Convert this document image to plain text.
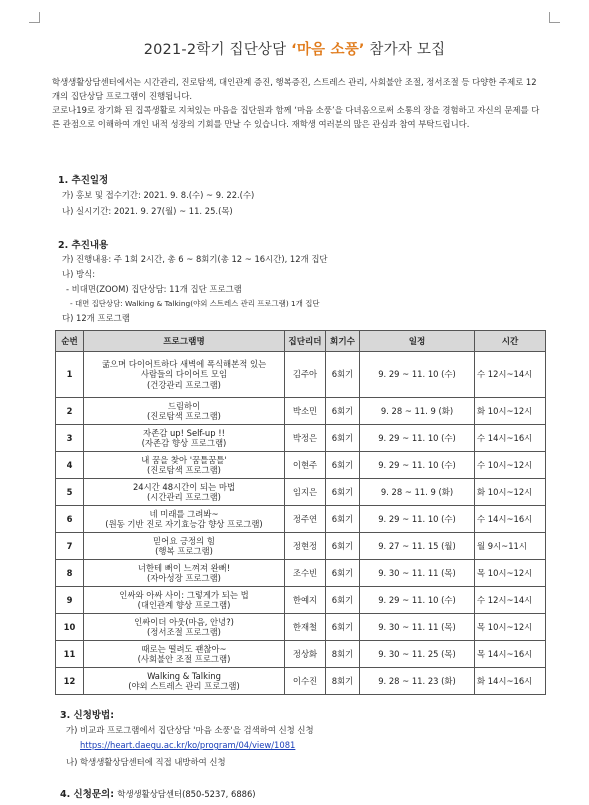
2021-2학기 집단상담 ‘마음 소풍’ 참가자 모집

학생생활상담센터에서는 시간관리, 진로탐색, 대인관계 증진, 행복증진, 스트레스 관리, 사회불안 조절, 정서조절 등 다양한 주제로 12개의 집단상담 프로그램이 진행됩니다.

코로나19로 장기화 된 집콕생활로 지쳐있는 마음을 집단원과 함께 ‘마음 소풍’을 다녀옴으로써 소통의 장을 경험하고 자신의 문제를 다른 관점으로 이해하여 개인 내적 성장의 기회를 만날 수 있습니다. 재학생 여러분의 많은 관심과 참여 부탁드립니다.

1. 추진일정
가) 홍보 및 접수기간: 2021. 9. 8.(수) ~ 9. 22.(수)
나) 실시기간: 2021. 9. 27(월) ~ 11. 25.(목)
2. 추진내용
가) 진행내용: 주 1회 2시간, 총 6 ~ 8회기(총 12 ~ 16시간), 12개 집단
나) 방식:
- 비대면(ZOOM) 집단상담: 11개 집단 프로그램
- 대면 집단상담: Walking & Talking(야외 스트레스 관리 프로그램) 1개 집단
다) 12개 프로그램
순번	프로그램명	집단리더	회기수	일정	시간
1	굶으며 다이어트하다 새벽에 폭식해본적 있는
사람들의 다이어트 모임
(건강관리 프로그램)	김주아	6회기	9. 29 ~ 11. 10 (수)	수 12시~14시
2	드림하이
(진로탐색 프로그램)	박소민	6회기	9. 28 ~ 11. 9 (화)	화 10시~12시
3	자존감 up! Self-up !!
(자존감 향상 프로그램)	박정은	6회기	9. 29 ~ 11. 10 (수)	수 14시~16시
4	내 꿈을 찾아 '꿈틀꿈틀'
(진로탐색 프로그램)	이현주	6회기	9. 29 ~ 11. 10 (수)	수 10시~12시
5	24시간 48시간이 되는 마법
(시간관리 프로그램)	임지은	6회기	9. 28 ~ 11. 9 (화)	화 10시~12시
6	네 미래를 그려봐~
(원동 기반 진로 자기효능감 향상 프로그램)	정주연	6회기	9. 29 ~ 11. 10 (수)	수 14시~16시
7	믿어요 긍정의 힘
(행복 프로그램)	정현정	6회기	9. 27 ~ 11. 15 (월)	월 9시~11시
8	너한테 뻐이 느껴져 완뻐!
(자아성장 프로그램)	조수빈	6회기	9. 30 ~ 11. 11 (목)	목 10시~12시
9	인싸와 아싸 사이: 그렇게가 되는 법
(대인관계 향상 프로그램)	한예지	6회기	9. 29 ~ 11. 10 (수)	수 12시~14시
10	인싸이더 아웃(마음, 안녕?)
(정서조절 프로그램)	한재철	6회기	9. 30 ~ 11. 11 (목)	목 10시~12시
11	때로는 떨려도 괜찮아~
(사회불안 조절 프로그램)	정상화	8회기	9. 30 ~ 11. 25 (목)	목 14시~16시
12	Walking & Talking
(야외 스트레스 관리 프로그램)	이수진	8회기	9. 28 ~ 11. 23 (화)	화 14시~16시
3. 신청방법:
가) 비교과 프로그램에서 집단상담 '마음 소풍'을 검색하여 신청 신청
https://heart.daegu.ac.kr/ko/program/04/view/1081
나) 학생생활상담센터에 직접 내방하여 신청
4. 신청문의: 학생생활상담센터(850-5237, 6886)
